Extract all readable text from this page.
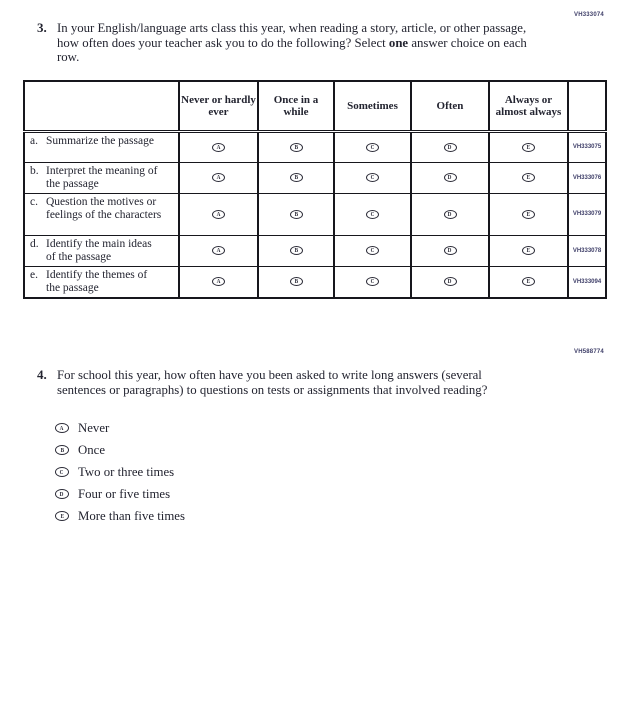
VH333074
3. In your English/language arts class this year, when reading a story, article, or other passage, how often does your teacher ask you to do the following? Select one answer choice on each row.
	Never or hardly ever	Once in a while	Sometimes	Often	Always or almost always	

a. Summarize the passage	A	B	C	D	E	VH333075

b. Interpret the meaning of the passage	A	B	C	D	E	VH333076

c. Question the motives or feelings of the characters	A	B	C	D	E	VH333079

d. Identify the main ideas of the passage	A	B	C	D	E	VH333078

e. Identify the themes of the passage	A	B	C	D	E	VH333094
VH588774
4. For school this year, how often have you been asked to write long answers (several sentences or paragraphs) to questions on tests or assignments that involved reading?
A Never
B Once
C Two or three times
D Four or five times
E More than five times
